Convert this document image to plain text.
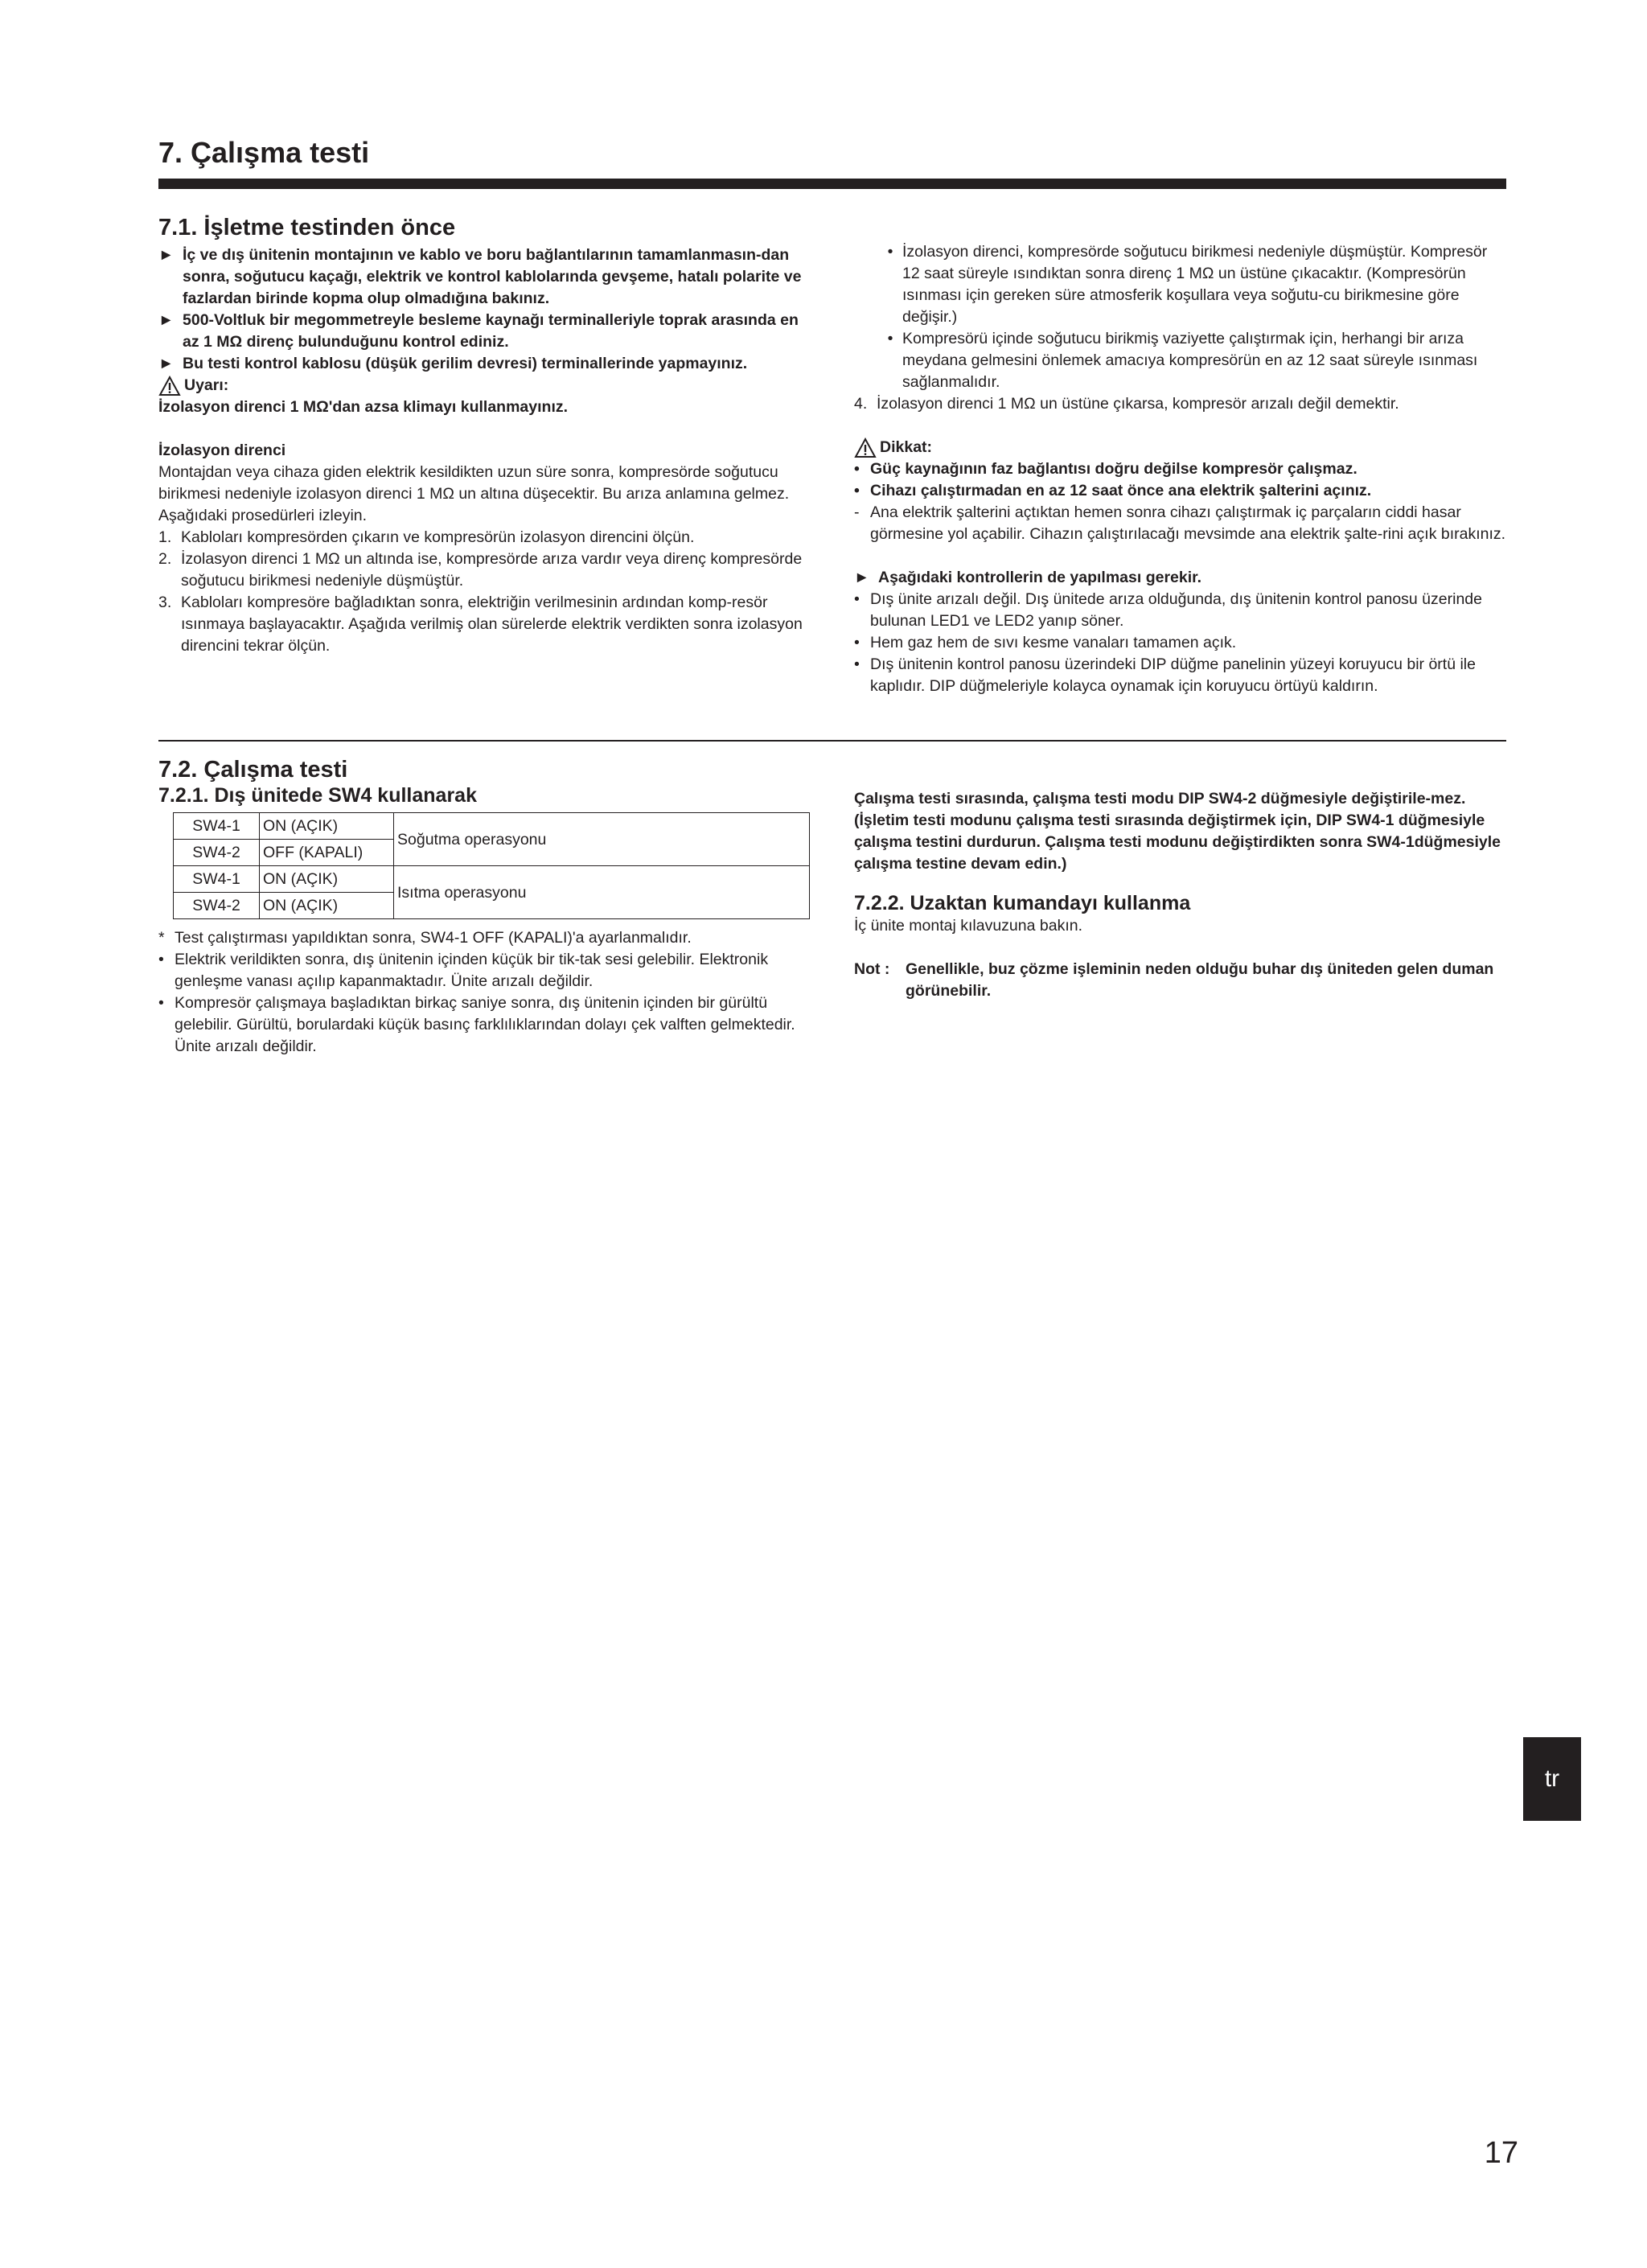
7. Çalışma testi

7.1. İşletme testinden önce

► İç ve dış ünitenin montajının ve kablo ve boru bağlantılarının tamamlanmasın-dan sonra, soğutucu kaçağı, elektrik ve kontrol kablolarında gevşeme, hatalı polarite ve fazlardan birinde kopma olup olmadığına bakınız.
► 500-Voltluk bir megommetreyle besleme kaynağı terminalleriyle toprak arasında en az 1 MΩ direnç bulunduğunu kontrol ediniz.
► Bu testi kontrol kablosu (düşük gerilim devresi) terminallerinde yapmayınız.
Uyarı:

İzolasyon direnci 1 MΩ'dan azsa klimayı kullanmayınız.

İzolasyon direnci

Montajdan veya cihaza giden elektrik kesildikten uzun süre sonra, kompresörde soğutucu birikmesi nedeniyle izolasyon direnci 1 MΩ un altına düşecektir. Bu arıza anlamına gelmez. Aşağıdaki prosedürleri izleyin.

1. Kabloları kompresörden çıkarın ve kompresörün izolasyon direncini ölçün.
2. İzolasyon direnci 1 MΩ un altında ise, kompresörde arıza vardır veya direnç kompresörde soğutucu birikmesi nedeniyle düşmüştür.
3. Kabloları kompresöre bağladıktan sonra, elektriğin verilmesinin ardından komp-resör ısınmaya başlayacaktır. Aşağıda verilmiş olan sürelerde elektrik verdikten sonra izolasyon direncini tekrar ölçün.
• İzolasyon direnci, kompresörde soğutucu birikmesi nedeniyle düşmüştür. Kompresör 12 saat süreyle ısındıktan sonra direnç 1 MΩ un üstüne çıkacaktır. (Kompresörün ısınması için gereken süre atmosferik koşullara veya soğutu-cu birikmesine göre değişir.)
• Kompresörü içinde soğutucu birikmiş vaziyette çalıştırmak için, herhangi bir arıza meydana gelmesini önlemek amacıya kompresörün en az 12 saat süreyle ısınması sağlanmalıdır.
4. İzolasyon direnci 1 MΩ un üstüne çıkarsa, kompresör arızalı değil demektir.
Dikkat:
• Güç kaynağının faz bağlantısı doğru değilse kompresör çalışmaz.
• Cihazı çalıştırmadan en az 12 saat önce ana elektrik şalterini açınız.
- Ana elektrik şalterini açtıktan hemen sonra cihazı çalıştırmak iç parçaların ciddi hasar görmesine yol açabilir. Cihazın çalıştırılacağı mevsimde ana elektrik şalte-rini açık bırakınız.
► Aşağıdaki kontrollerin de yapılması gerekir.
• Dış ünite arızalı değil. Dış ünitede arıza olduğunda, dış ünitenin kontrol panosu üzerinde bulunan LED1 ve LED2 yanıp söner.
• Hem gaz hem de sıvı kesme vanaları tamamen açık.
• Dış ünitenin kontrol panosu üzerindeki DIP düğme panelinin yüzeyi koruyucu bir örtü ile kaplıdır. DIP düğmeleriyle kolayca oynamak için koruyucu örtüyü kaldırın.

7.2. Çalışma testi

7.2.1. Dış ünitede SW4 kullanarak

SW4-1	ON (AÇIK)	Soğutma operasyonu
SW4-2	OFF (KAPALI)	
SW4-1	ON (AÇIK)	Isıtma operasyonu
SW4-2	ON (AÇIK)	
* Test çalıştırması yapıldıktan sonra, SW4-1 OFF (KAPALI)'a ayarlanmalıdır.
• Elektrik verildikten sonra, dış ünitenin içinden küçük bir tik-tak sesi gelebilir. Elektronik genleşme vanası açılıp kapanmaktadır. Ünite arızalı değildir.
• Kompresör çalışmaya başladıktan birkaç saniye sonra, dış ünitenin içinden bir gürültü gelebilir. Gürültü, borulardaki küçük basınç farklılıklarından dolayı çek valften gelmektedir. Ünite arızalı değildir.

Çalışma testi sırasında, çalışma testi modu DIP SW4-2 düğmesiyle değiştirile-mez. (İşletim testi modunu çalışma testi sırasında değiştirmek için, DIP SW4-1 düğmesiyle çalışma testini durdurun. Çalışma testi modunu değiştirdikten sonra SW4-1düğmesiyle çalışma testine devam edin.)

7.2.2. Uzaktan kumandayı kullanma

İç ünite montaj kılavuzuna bakın.

Not :	Genellikle, buz çözme işleminin neden olduğu buhar dış üniteden gelen duman görünebilir.
tr
17
